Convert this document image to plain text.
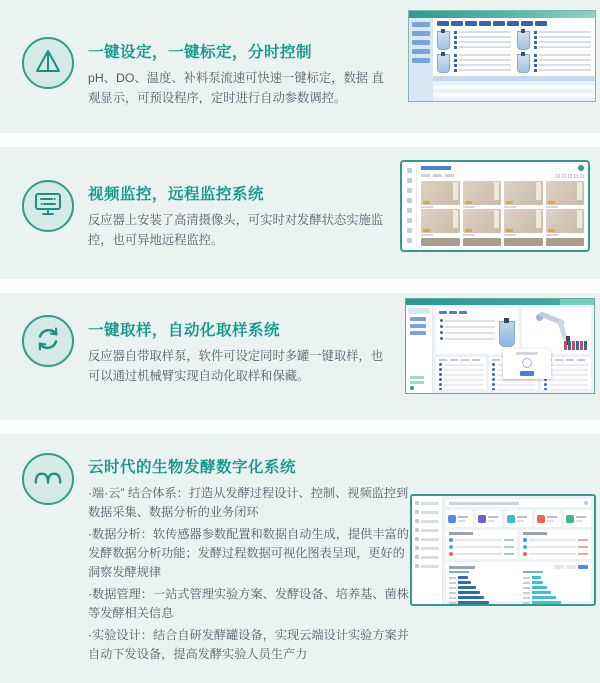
一键设定，一键标定，分时控制

pH、DO、温度、补料泵流速可快速一键标定，数据 直观显示，可预设程序，定时进行自动参数调控。

视频监控，远程监控系统

反应器上安装了高清摄像头，可实时对发酵状态实施监控，也可异地远程监控。

一键取样，自动化取样系统

反应器自带取样泵，软件可设定同时多罐一键取样，也可以通过机械臂实现自动化取样和保藏。

云时代的生物发酵数字化系统

·端·云” 结合体系：打造从发酵过程设计、控制、视频监控到数据采集、数据分析的业务闭环

·数据分析：软传感器参数配置和数据自动生成，提供丰富的发酵数据分析功能；发酵过程数据可视化图表呈现，更好的洞察发酵规律

·数据管理：一站式管理实验方案、发酵设备、培养基、菌株等发酵相关信息

·实验设计：结合自研发酵罐设备，实现云端设计实验方案并自动下发设备，提高发酵实验人员生产力
